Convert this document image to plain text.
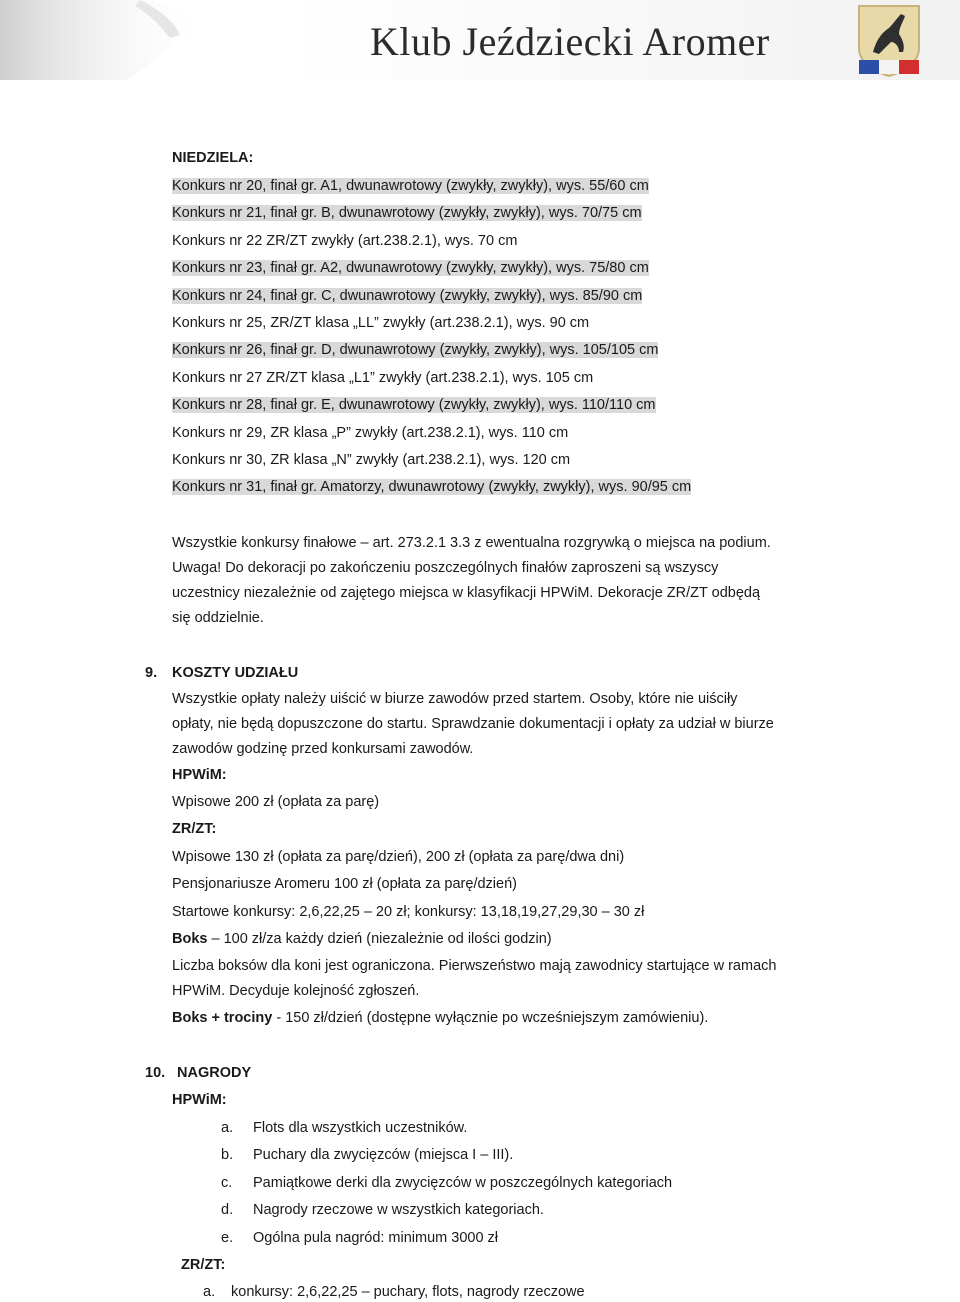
Klub Jeździecki Aromer
NIEDZIELA:
Konkurs nr 20, finał gr. A1, dwunawrotowy (zwykły, zwykły), wys. 55/60 cm
Konkurs nr 21, finał gr. B, dwunawrotowy (zwykły, zwykły), wys. 70/75 cm
Konkurs nr 22 ZR/ZT zwykły (art.238.2.1), wys. 70 cm
Konkurs nr 23, finał gr. A2, dwunawrotowy (zwykły, zwykły), wys. 75/80 cm
Konkurs nr 24, finał gr. C, dwunawrotowy (zwykły, zwykły), wys. 85/90 cm
Konkurs nr 25, ZR/ZT klasa „LL” zwykły (art.238.2.1), wys. 90 cm
Konkurs nr 26, finał gr. D, dwunawrotowy (zwykły, zwykły), wys. 105/105 cm
Konkurs nr 27 ZR/ZT klasa „L1” zwykły (art.238.2.1), wys. 105 cm
Konkurs nr 28, finał gr. E, dwunawrotowy (zwykły, zwykły), wys. 110/110 cm
Konkurs nr 29, ZR klasa „P” zwykły (art.238.2.1), wys. 110 cm
Konkurs nr 30, ZR klasa „N” zwykły (art.238.2.1), wys. 120 cm
Konkurs nr 31, finał gr. Amatorzy, dwunawrotowy (zwykły, zwykły), wys. 90/95 cm
Wszystkie konkursy finałowe – art. 273.2.1 3.3 z ewentualna rozgrywką o miejsca na podium.
Uwaga! Do dekoracji po zakończeniu poszczególnych finałów zaproszeni są wszyscy
uczestnicy niezależnie od zajętego miejsca w klasyfikacji HPWiM. Dekoracje ZR/ZT odbędą
się oddzielnie.
9. KOSZTY UDZIAŁU
Wszystkie opłaty należy uiścić w biurze zawodów przed startem. Osoby, które nie uiściły
opłaty, nie będą dopuszczone do startu. Sprawdzanie dokumentacji i opłaty za udział w biurze
zawodów godzinę przed konkursami zawodów.
HPWiM:
Wpisowe 200 zł (opłata za parę)
ZR/ZT:
Wpisowe 130 zł (opłata za parę/dzień), 200 zł (opłata za parę/dwa dni)
Pensjonariusze Aromeru 100 zł (opłata za parę/dzień)
Startowe konkursy: 2,6,22,25 – 20 zł; konkursy: 13,18,19,27,29,30 – 30 zł
Boks – 100 zł/za każdy dzień (niezależnie od ilości godzin)
Liczba boksów dla koni jest ograniczona. Pierwszeństwo mają zawodnicy startujące w ramach
HPWiM. Decyduje kolejność zgłoszeń.
Boks + trociny - 150 zł/dzień (dostępne wyłącznie po wcześniejszym zamówieniu).
10. NAGRODY
HPWiM:
a. Flots dla wszystkich uczestników.
b. Puchary dla zwycięzców (miejsca I – III).
c. Pamiątkowe derki dla zwycięzców w poszczególnych kategoriach
d. Nagrody rzeczowe w wszystkich kategoriach.
e. Ogólna pula nagród: minimum 3000 zł
ZR/ZT:
a. konkursy: 2,6,22,25 – puchary, flots, nagrody rzeczowe
